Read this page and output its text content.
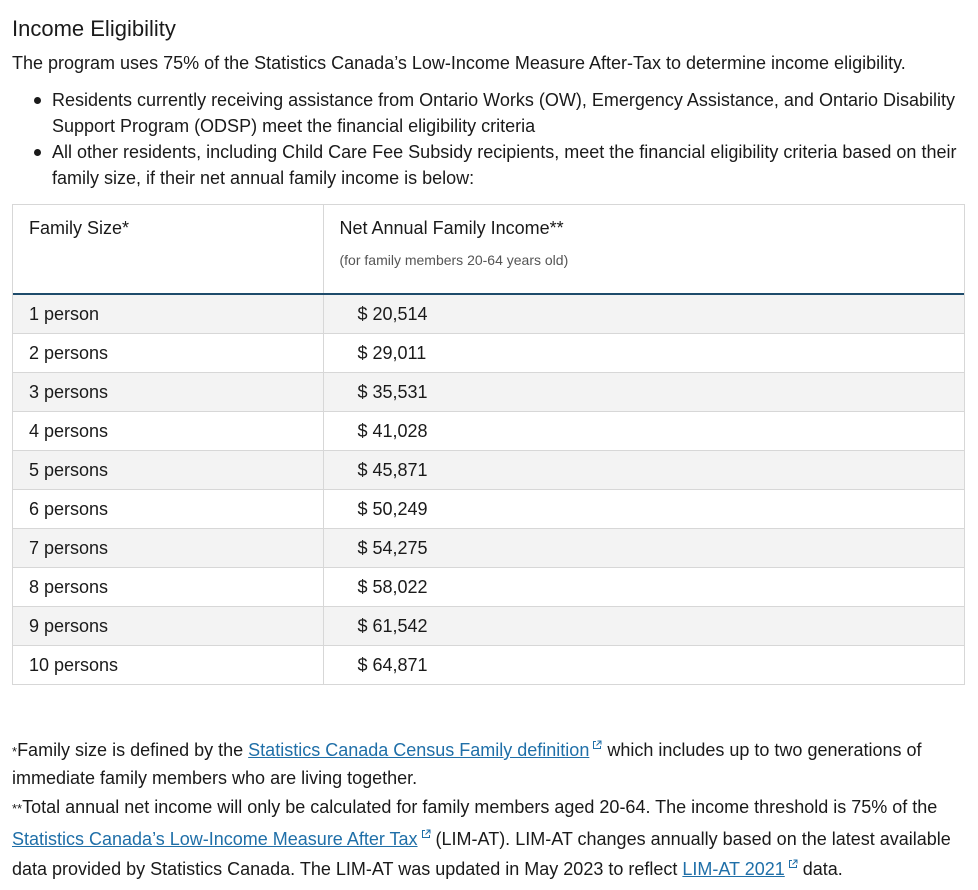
Income Eligibility

The program uses 75% of the Statistics Canada’s Low-Income Measure After-Tax to determine income eligibility.

Residents currently receiving assistance from Ontario Works (OW), Emergency Assistance, and Ontario Disability Support Program (ODSP) meet the financial eligibility criteria
All other residents, including Child Care Fee Subsidy recipients, meet the financial eligibility criteria based on their family size, if their net annual family income is below:
Family Size*	Net Annual Family Income**
(for family members 20-64 years old)

1 person	$ 20,514
2 persons	$ 29,011
3 persons	$ 35,531
4 persons	$ 41,028
5 persons	$ 45,871
6 persons	$ 50,249
7 persons	$ 54,275
8 persons	$ 58,022
9 persons	$ 61,542
10 persons	$ 64,871

*Family size is defined by the Statistics Canada Census Family definition which includes up to two generations of immediate family members who are living together.

**Total annual net income will only be calculated for family members aged 20-64. The income threshold is 75% of the Statistics Canada’s Low-Income Measure After Tax (LIM-AT). LIM-AT changes annually based on the latest available data provided by Statistics Canada. The LIM-AT was updated in May 2023 to reflect LIM-AT 2021 data.
